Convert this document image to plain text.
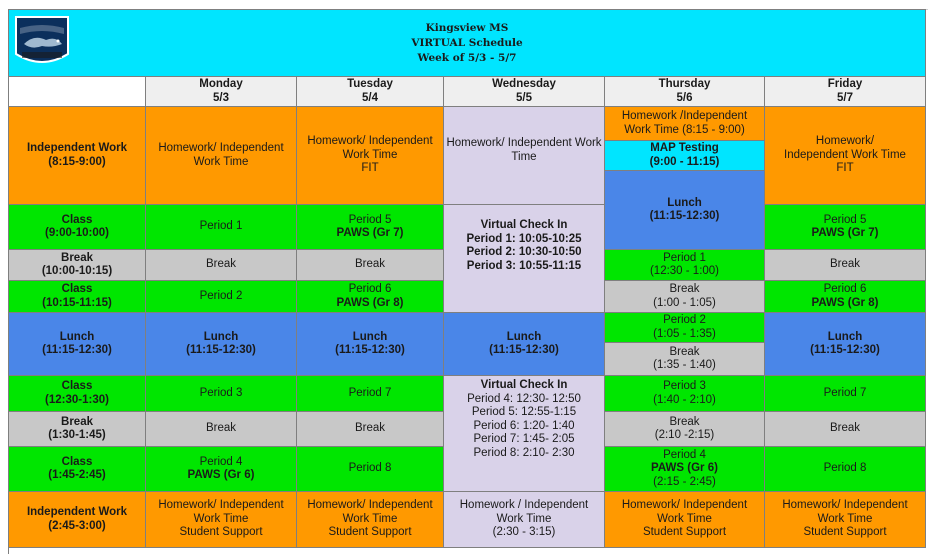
Kingsview MS
VIRTUAL Schedule
Week of 5/3 - 5/7
Monday
5/3
Tuesday
5/4
Wednesday
5/5
Thursday
5/6
Friday
5/7
Independent Work
(8:15-9:00)
Class
(9:00-10:00)
Break
(10:00-10:15)
Class
(10:15-11:15)
Lunch
(11:15-12:30)
Class
(12:30-1:30)
Break
(1:30-1:45)
Class
(1:45-2:45)
Independent Work
(2:45-3:00)
Homework/ Independent Work Time
Period 1
Break
Period 2
Lunch
(11:15-12:30)
Period 3
Break
Period 4
PAWS (Gr 6)
Homework/ Independent
Work Time
Student Support
Homework/ Independent
Work Time
FIT
Period 5
PAWS (Gr 7)
Break
Period 6
PAWS (Gr 8)
Lunch
(11:15-12:30)
Period 7
Break
Period 8
Homework/ Independent
Work Time
Student Support
Homework/ Independent Work Time
Virtual Check In
Period 1: 10:05-10:25
Period 2: 10:30-10:50
Period 3: 10:55-11:15
Lunch
(11:15-12:30)
Virtual Check In
Period 4: 12:30- 12:50
Period 5: 12:55-1:15
Period 6: 1:20- 1:40
Period 7: 1:45- 2:05
Period 8: 2:10- 2:30
Homework / Independent
Work Time
(2:30 - 3:15)
Homework /Independent
Work Time (8:15 - 9:00)
MAP Testing
(9:00 - 11:15)
Lunch
(11:15-12:30)
Period 1
(12:30 - 1:00)
Break
(1:00 - 1:05)
Period 2
(1:05 - 1:35)
Break
(1:35 - 1:40)
Period 3
(1:40 - 2:10)
Break
(2:10 -2:15)
Period 4
PAWS (Gr 6)
(2:15 - 2:45)
Homework/ Independent
Work Time
Student Support
Homework/
Independent Work Time
FIT
Period 5
PAWS (Gr 7)
Break
Period 6
PAWS (Gr 8)
Lunch
(11:15-12:30)
Period 7
Break
Period 8
Homework/ Independent
Work Time
Student Support
